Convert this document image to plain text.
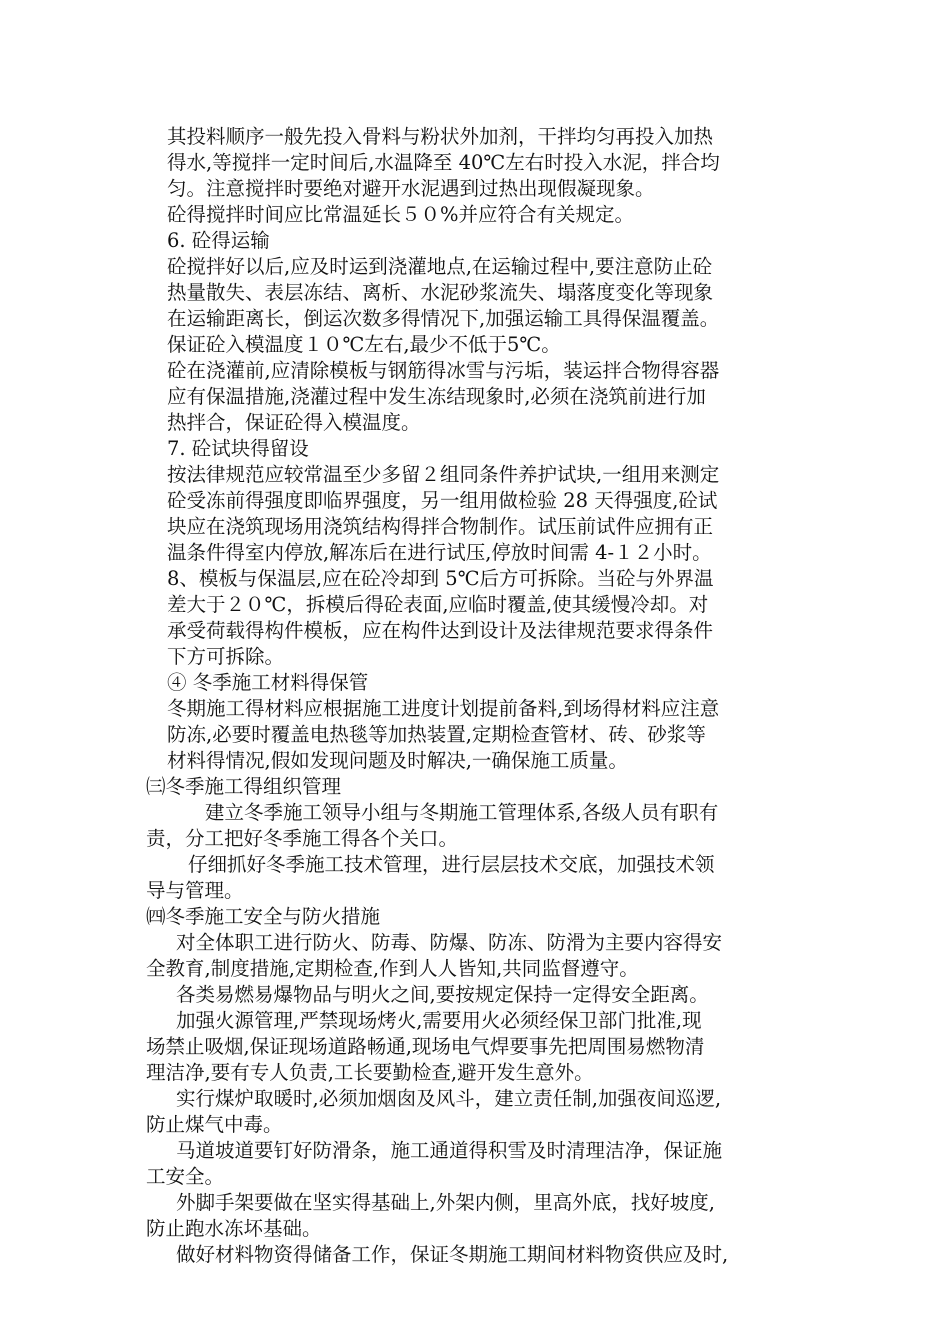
其投料顺序一般先投入骨料与粉状外加剂，干拌均匀再投入加热
得水,等搅拌一定时间后,水温降至 40℃左右时投入水泥，拌合均
匀。注意搅拌时要绝对避开水泥遇到过热出现假凝现象。
砼得搅拌时间应比常温延长５０%并应符合有关规定。
6. 砼得运输
砼搅拌好以后,应及时运到浇灌地点,在运输过程中,要注意防止砼
热量散失、表层冻结、离析、水泥砂浆流失、塌落度变化等现象
在运输距离长，倒运次数多得情况下,加强运输工具得保温覆盖。
保证砼入模温度１０℃左右,最少不低于5℃。
砼在浇灌前,应清除模板与钢筋得冰雪与污垢，装运拌合物得容器
应有保温措施,浇灌过程中发生冻结现象时,必须在浇筑前进行加
热拌合，保证砼得入模温度。
7. 砼试块得留设
按法律规范应较常温至少多留２组同条件养护试块,一组用来测定
砼受冻前得强度即临界强度，另一组用做检验 28 天得强度,砼试
块应在浇筑现场用浇筑结构得拌合物制作。试压前试件应拥有正
温条件得室内停放,解冻后在进行试压,停放时间需 4-１２小时。
8、模板与保温层,应在砼冷却到 5℃后方可拆除。当砼与外界温
差大于２０℃，拆模后得砼表面,应临时覆盖,使其缓慢冷却。对
承受荷载得构件模板，应在构件达到设计及法律规范要求得条件
下方可拆除。
④ 冬季施工材料得保管
冬期施工得材料应根据施工进度计划提前备料,到场得材料应注意
防冻,必要时覆盖电热毯等加热装置,定期检查管材、砖、砂浆等
材料得情况,假如发现问题及时解决,一确保施工质量。
㈢冬季施工得组织管理
建立冬季施工领导小组与冬期施工管理体系,各级人员有职有
责，分工把好冬季施工得各个关口。
仔细抓好冬季施工技术管理，进行层层技术交底，加强技术领
导与管理。
㈣冬季施工安全与防火措施
对全体职工进行防火、防毒、防爆、防冻、防滑为主要内容得安
全教育,制度措施,定期检查,作到人人皆知,共同监督遵守。
各类易燃易爆物品与明火之间,要按规定保持一定得安全距离。
加强火源管理,严禁现场烤火,需要用火必须经保卫部门批准,现
场禁止吸烟,保证现场道路畅通,现场电气焊要事先把周围易燃物清
理洁净,要有专人负责,工长要勤检查,避开发生意外。
实行煤炉取暖时,必须加烟囱及风斗，建立责任制,加强夜间巡逻,
防止煤气中毒。
马道坡道要钉好防滑条，施工通道得积雪及时清理洁净，保证施
工安全。
外脚手架要做在坚实得基础上,外架内侧，里高外底，找好坡度,
防止跑水冻坏基础。
做好材料物资得储备工作，保证冬期施工期间材料物资供应及时,
